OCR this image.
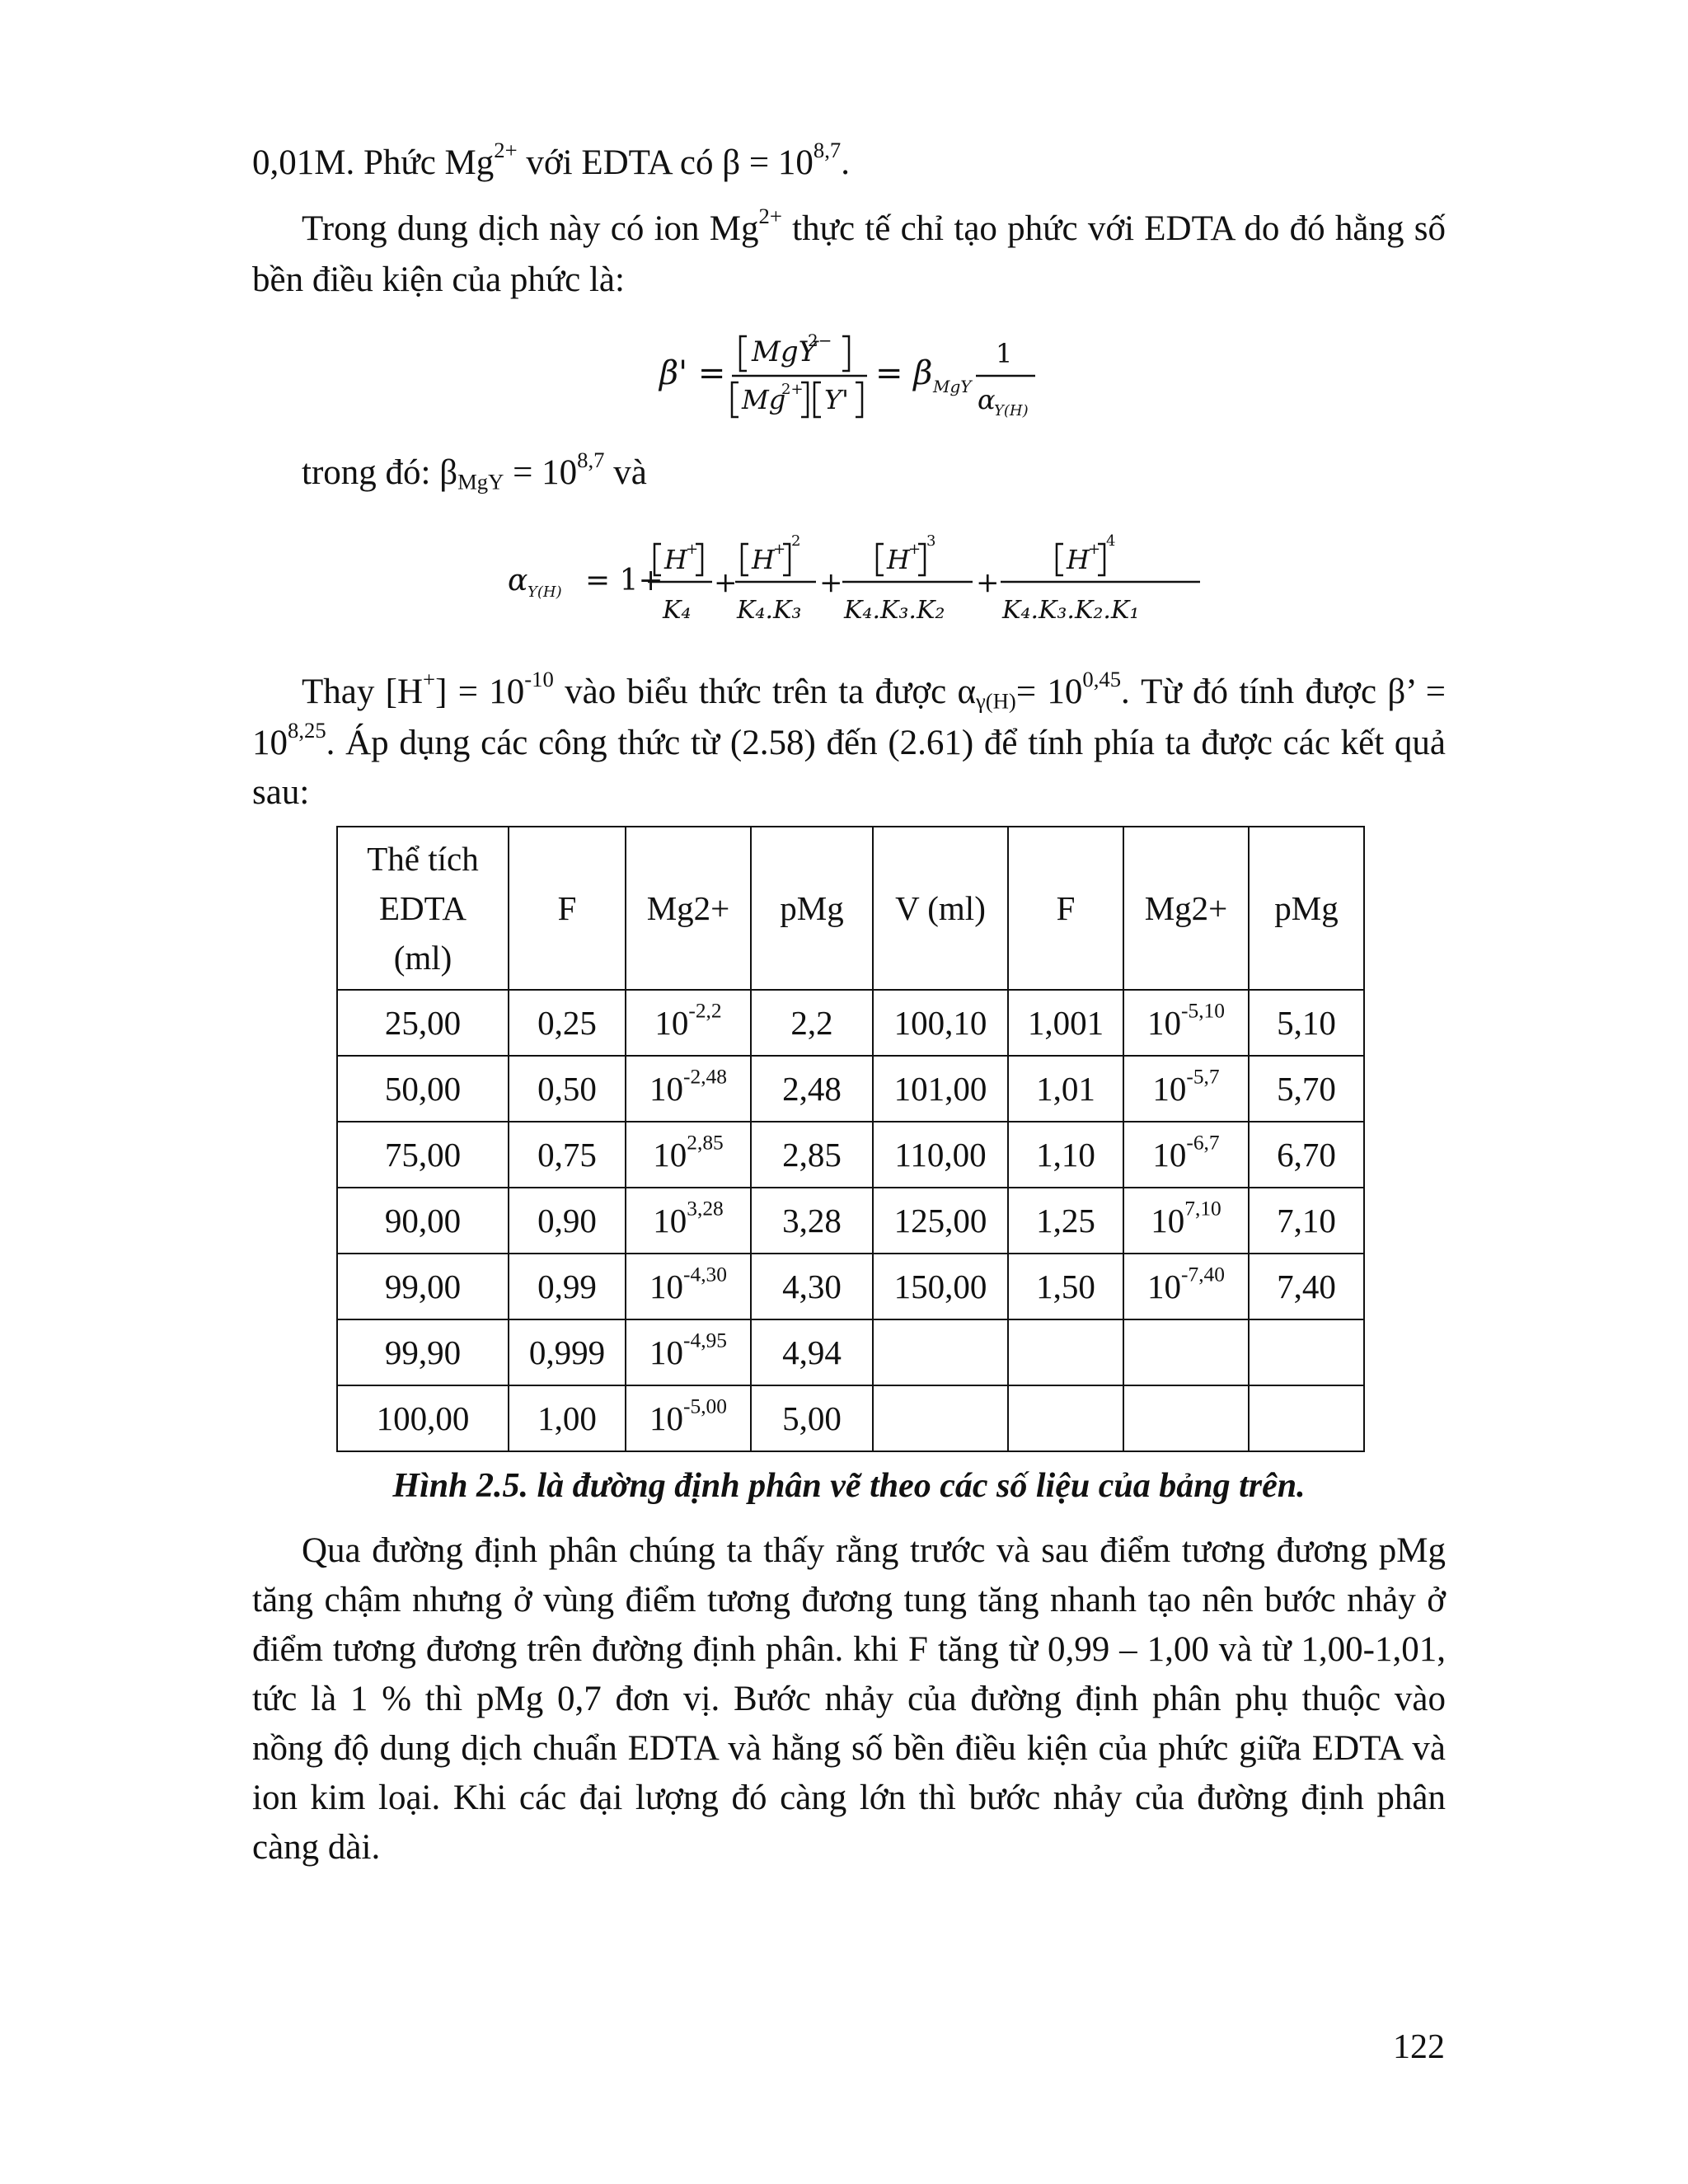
0,01M. Phức $Mg^{2+}$ với EDTA có $\beta = 10^{8,7}$.
Trong dung dịch này có ion $Mg^{2+}$ thực tế chỉ tạo phức với EDTA do đó hằng số
bền điều kiện của phức là:
β' =
MgY
2−
Mg
2+ Y'
= β MgY
1
α
Y(H)
trong đó: $\beta_{MgY} = 10^{8,7}$ và
α Y(H) = 1+
H
+
K₄
+
H
+ 2
K₄.K₃
+
H
+ 3
K₄.K₃.K₂
+
H
+ 4
K₄.K₃.K₂.K₁
Thay $[H^+] = 10^{-10}$ vào biểu thức trên ta được $\alpha_{\gamma(H)}= 10^{0,45}$. Từ đó tính được β’ =
$10^{8,25}$. Áp dụng các công thức từ (2.58) đến (2.61) để tính phía ta được các kết quả
sau:
Thể tích
EDTA
(ml)	F	Mg2+	pMg	V (ml)	F	Mg2+	pMg
25,00	0,25	$10^{-2,2}$	2,2	100,10	1,001	$10^{-5,10}$	5,10
50,00	0,50	$10^{-2,48}$	2,48	101,00	1,01	$10^{-5,7}$	5,70
75,00	0,75	10$^{2,85}$	2,85	110,00	1,10	$10^{-6,7}$	6,70
90,00	0,90	10$^{3,28}$	3,28	125,00	1,25	10$^{7,10}$	7,10
99,00	0,99	$10^{-4,30}$	4,30	150,00	1,50	$10^{-7,40}$	7,40
99,90	0,999	$10^{-4,95}$	4,94				
100,00	1,00	$10^{-5,00}$	5,00				
Hình 2.5. là đường định phân vẽ theo các số liệu của bảng trên.
Qua đường định phân chúng ta thấy rằng trước và sau điểm tương đương pMg
tăng chậm nhưng ở vùng điểm tương đương tung tăng nhanh tạo nên bước nhảy ở
điểm tương đương trên đường định phân. khi F tăng từ 0,99 – 1,00 và từ 1,00-1,01,
tức là 1 % thì pMg 0,7 đơn vị. Bước nhảy của đường định phân phụ thuộc vào
nồng độ dung dịch chuẩn EDTA và hằng số bền điều kiện của phức giữa EDTA và
ion kim loại. Khi các đại lượng đó càng lớn thì bước nhảy của đường định phân
càng dài.
122
